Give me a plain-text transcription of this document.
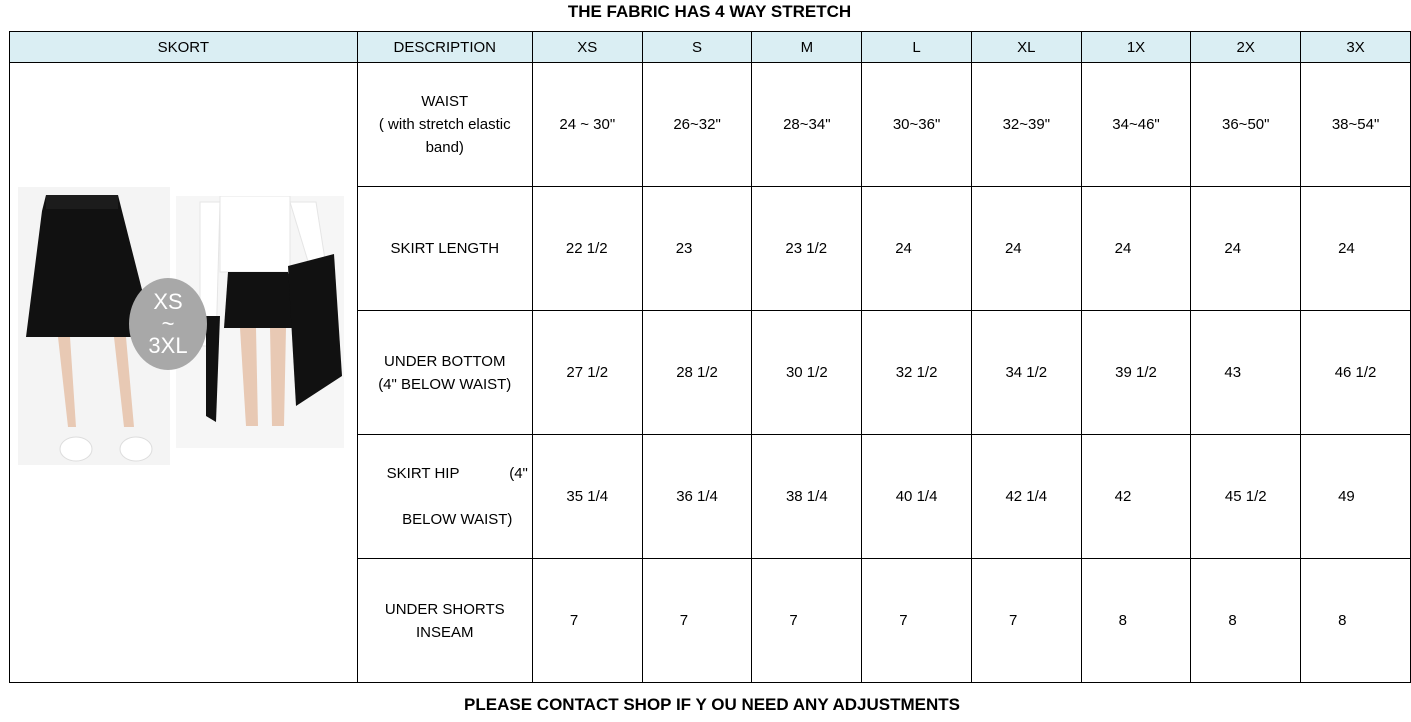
THE FABRIC HAS 4 WAY STRETCH
SKORT	DESCRIPTION	XS	S	M	L	XL	1X	2X	3X

XS
~
3XL	WAIST
( with stretch elastic
band)	24 ~ 30"	26~32"	28~34"	30~36"	32~39"	34~46"	36~50"	38~54"
	SKIRT LENGTH	22 1/2	23	23 1/2	24	24	24	24	24
	UNDER BOTTOM
(4" BELOW WAIST)	27 1/2	28 1/2	30 1/2	32 1/2	34 1/2	39 1/2	43	46 1/2

SKIRT HIP            (4"

BELOW WAIST)	35 1/4	36 1/4	38 1/4	40 1/4	42 1/4	42	45 1/2	49
	UNDER SHORTS
INSEAM	7	7	7	7	7	8	8	8
PLEASE CONTACT SHOP IF Y OU NEED ANY ADJUSTMENTS
